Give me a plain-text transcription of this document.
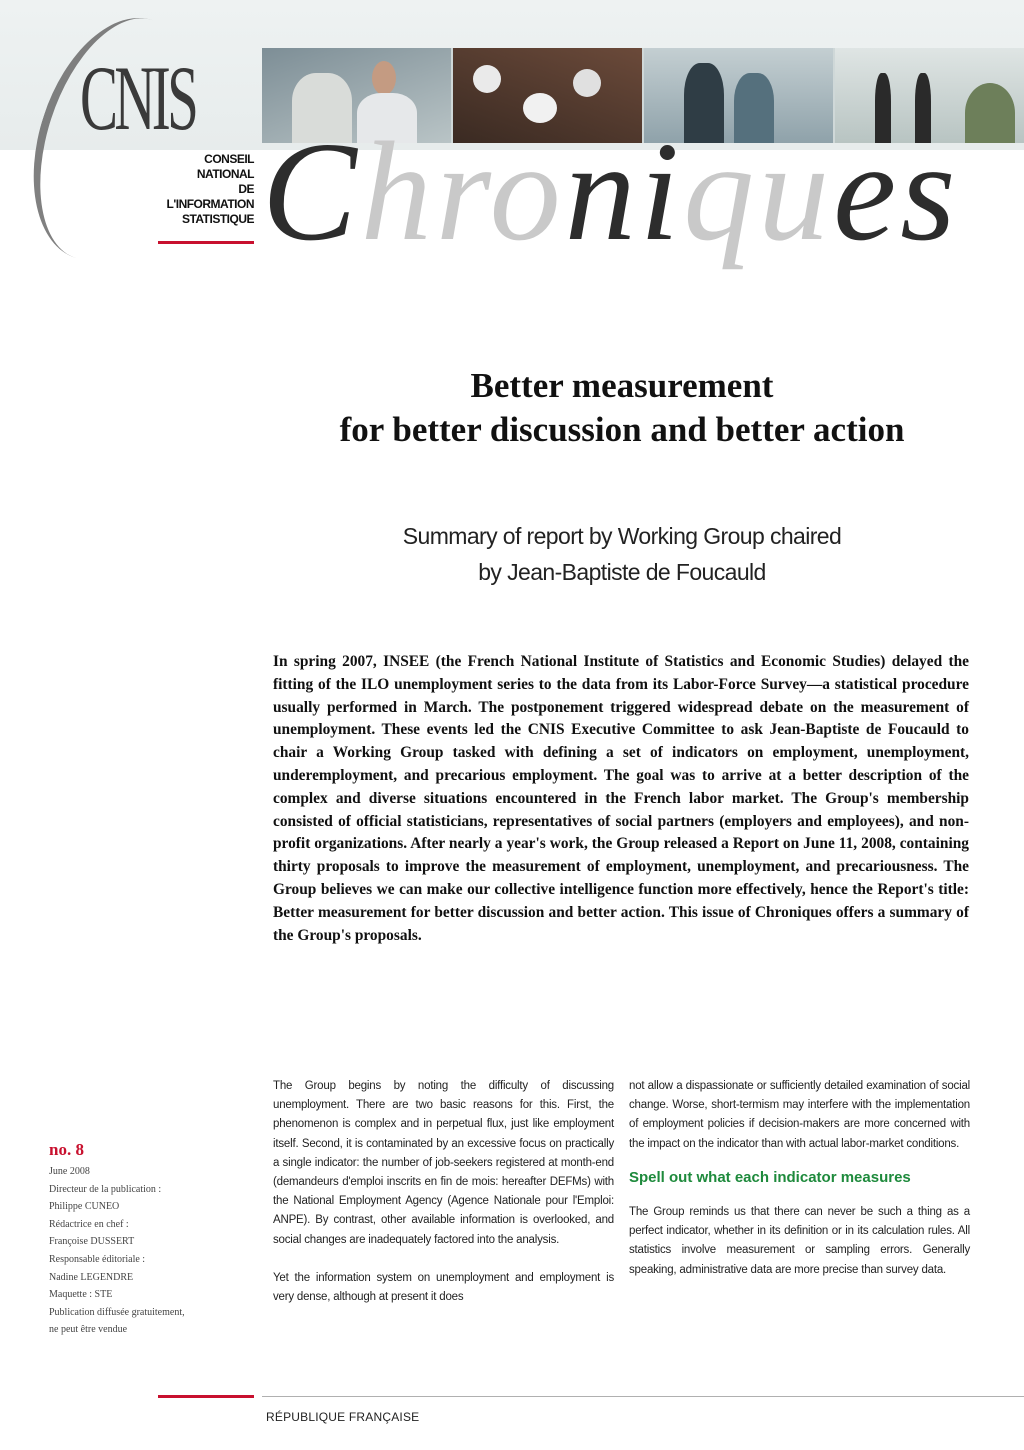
CNIS
CONSEIL
NATIONAL
DE
L'INFORMATION
STATISTIQUE Chroniques
Better measurement
for better discussion and better action
Summary of report by Working Group chaired
by Jean-Baptiste de Foucauld
In spring 2007, INSEE (the French National Institute of Statistics and Economic Studies) delayed the fitting of the ILO unemployment series to the data from its Labor-Force Survey—a statistical procedure usually performed in March. The postponement triggered widespread debate on the measurement of unemployment. These events led the CNIS Executive Committee to ask Jean-Baptiste de Foucauld to chair a Working Group tasked with defining a set of indicators on employment, unemployment, underemployment, and precarious employment. The goal was to arrive at a better description of the complex and diverse situations encountered in the French labor market. The Group's membership consisted of official statisticians, representatives of social partners (employers and employees), and non-profit organizations. After nearly a year's work, the Group released a Report on June 11, 2008, containing thirty proposals to improve the measurement of employment, unemployment, and precariousness. The Group believes we can make our collective intelligence function more effectively, hence the Report's title: Better measurement for better discussion and better action. This issue of Chroniques offers a summary of the Group's proposals.
no. 8
June 2008
Directeur de la publication :
Philippe CUNEO
Rédactrice en chef :
Françoise DUSSERT
Responsable éditoriale :
Nadine LEGENDRE
Maquette : STE
Publication diffusée gratuitement,
ne peut être vendue

The Group begins by noting the difficulty of discussing unemployment. There are two basic reasons for this. First, the phenomenon is complex and in perpetual flux, just like employment itself. Second, it is contaminated by an excessive focus on practically a single indicator: the number of job-seekers registered at month-end (demandeurs d'emploi inscrits en fin de mois: hereafter DEFMs) with the National Employment Agency (Agence Nationale pour l'Emploi: ANPE). By contrast, other available information is overlooked, and social changes are inadequately factored into the analysis.

Yet the information system on unemployment and employment is very dense, although at present it does

not allow a dispassionate or sufficiently detailed examination of social change. Worse, short-termism may interfere with the implementation of employment policies if decision-makers are more concerned with the impact on the indicator than with actual labor-market conditions.

Spell out what each indicator measures

The Group reminds us that there can never be such a thing as a perfect indicator, whether in its definition or in its calculation rules. All statistics involve measurement or sampling errors. Generally speaking, administrative data are more precise than survey data.

RÉPUBLIQUE FRANÇAISE
